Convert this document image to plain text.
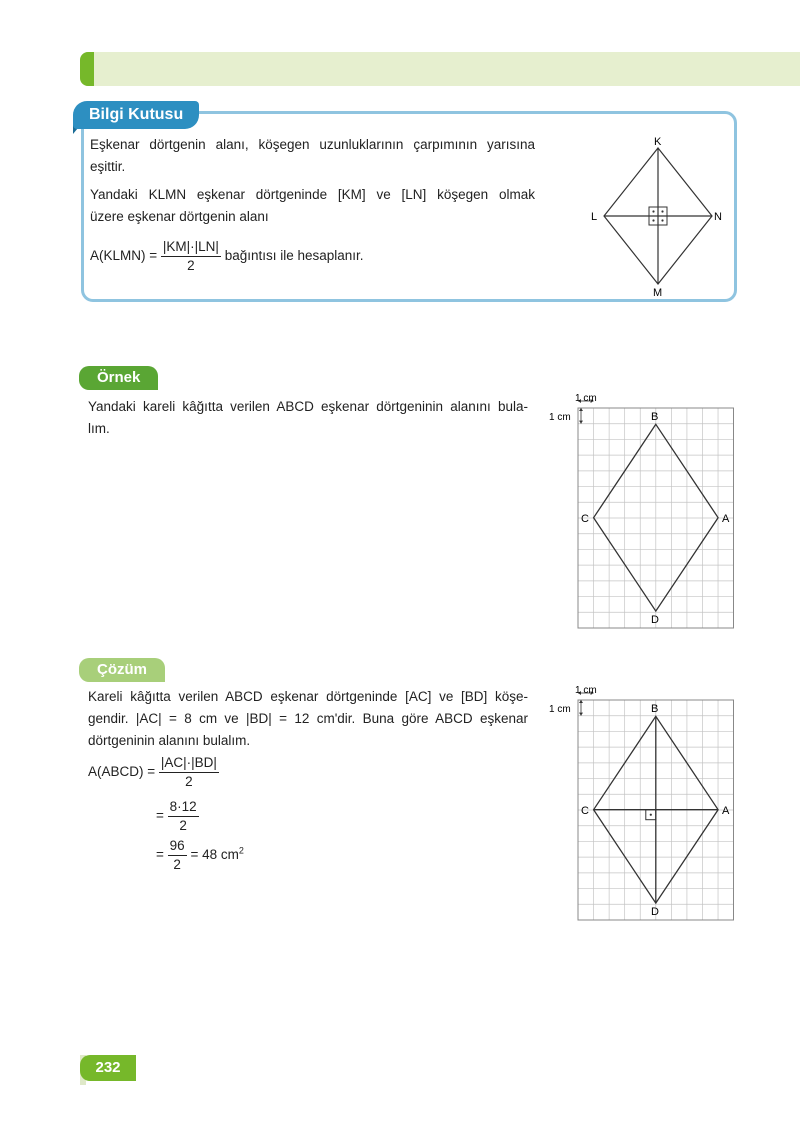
Bilgi Kutusu
Eşkenar dörtgenin alanı, köşegen uzunluklarının çarpımının yarısına
eşittir.
Yandaki KLMN eşkenar dörtgeninde [KM] ve [LN] köşegen olmak
üzere eşkenar dörtgenin alanı
A(KLMN) = $\frac{|KM|\cdot|LN|}{2}$ bağıntısı ile hesaplanır.
K
L	N
M
Örnek
Yandaki kareli kâğıtta verilen ABCD eşkenar dörtgeninin alanını bula-
lım.
1 cm
1 cm	B
A
C
D
Çözüm
Kareli kâğıtta verilen ABCD eşkenar dörtgeninde [AC] ve [BD] köşe-
gendir. |AC| = 8 cm ve |BD| = 12 cm'dir. Buna göre ABCD eşkenar
dörtgeninin alanını bulalım.
A(ABCD) = $\frac{|AC|\cdot|BD|}{2}$
= $\frac{8\cdot 12}{2}$
= $\frac{96}{2} = 48$ $cm^2$
1 cm
1 cm	B
A
C
D
232
